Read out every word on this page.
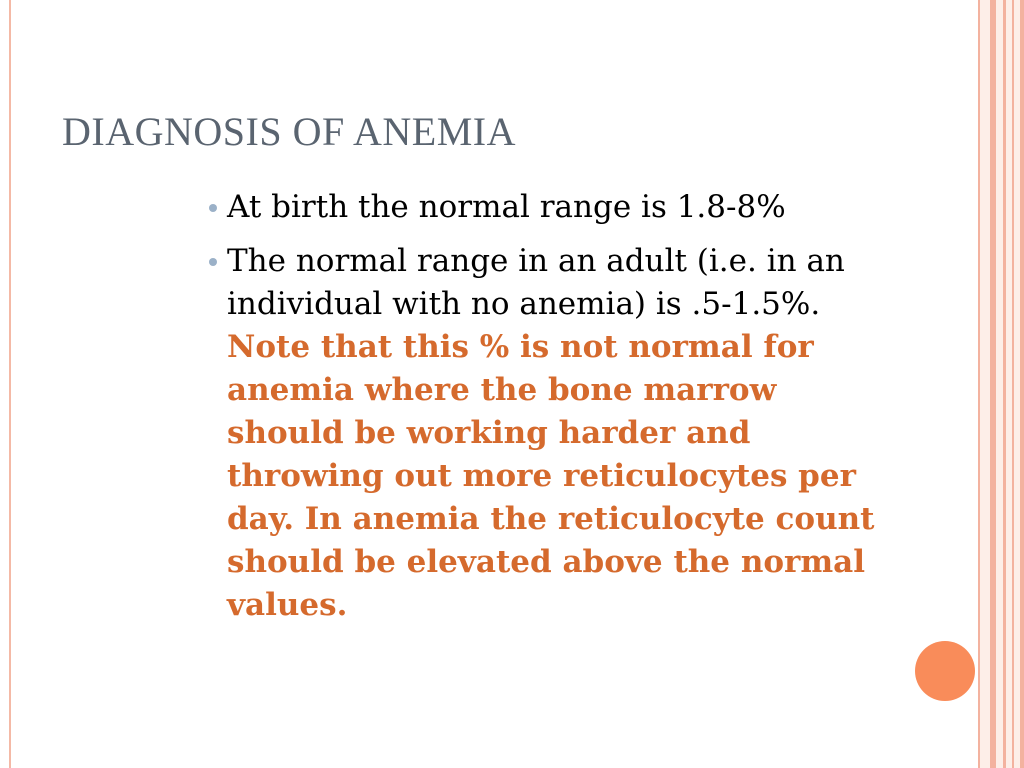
DIAGNOSIS OF ANEMIA
At birth the normal range is 1.8-8%
The normal range in an adult (i.e. in an individual with no anemia) is .5-1.5%.   Note that this % is not normal for anemia where the bone marrow should be working harder and throwing out more reticulocytes per day. In anemia the reticulocyte count should be elevated above the normal values.
